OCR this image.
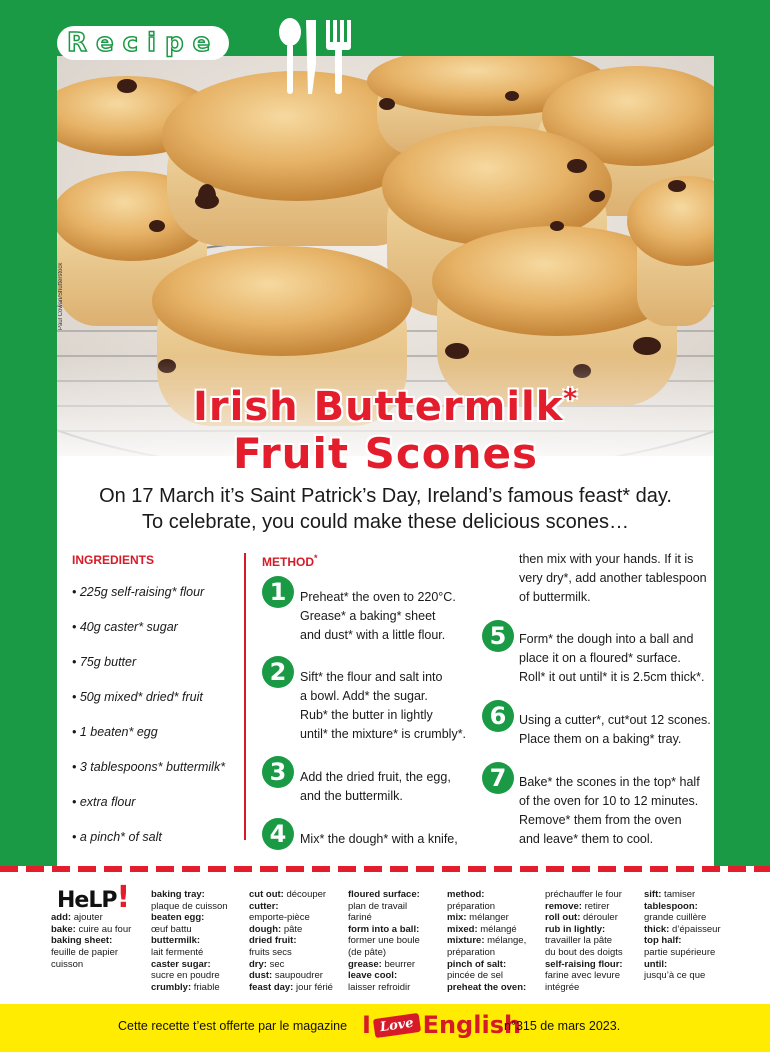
Paul Cowan/Shutterstock
Recipe
Irish Buttermilk*
Fruit Scones
On 17 March it’s Saint Patrick’s Day, Ireland’s famous feast* day.
To celebrate, you could make these delicious scones…
INGREDIENTS
• 225g self-raising* flour
• 40g caster* sugar
• 75g butter
• 50g mixed* dried* fruit
• 1 beaten* egg
• 3 tablespoons* buttermilk*
• extra flour
• a pinch* of salt
METHOD*
1	Preheat* the oven to 220°C.
Grease* a baking* sheet
and dust* with a little flour.
2	Sift* the flour and salt into
a bowl. Add* the sugar.
Rub* the butter in lightly
until* the mixture* is crumbly*.
3	Add the dried fruit, the egg,
and the buttermilk.
4	Mix* the dough* with a knife,
then mix with your hands. If it is
very dry*, add another tablespoon
of buttermilk.
5	Form* the dough into a ball and
place it on a floured* surface.
Roll* it out until* it is 2.5cm thick*.
6	Using a cutter*, cut*out 12 scones.
Place them on a baking* tray.
7	Bake* the scones in the top* half
of the oven for 10 to 12 minutes.
Remove* them from the oven
and leave* them to cool.
HeLP!
add: ajouter
bake: cuire au four
baking sheet:
feuille de papier
cuisson
baking tray:
plaque de cuisson
beaten egg:
œuf battu
buttermilk:
lait fermenté
caster sugar:
sucre en poudre
crumbly: friable
cut out: découper
cutter:
emporte-pièce
dough: pâte
dried fruit:
fruits secs
dry: sec
dust: saupoudrer
feast day: jour férié
floured surface:
plan de travail
fariné
form into a ball:
former une boule
(de pâte)
grease: beurrer
leave cool:
laisser refroidir
method:
préparation
mix: mélanger
mixed: mélangé
mixture: mélange,
préparation
pinch of salt:
pincée de sel
preheat the oven:
préchauffer le four
remove: retirer
roll out: dérouler
rub in lightly:
travailler la pâte
du bout des doigts
self-raising flour:
farine avec levure
intégrée
sift: tamiser
tablespoon:
grande cuillère
thick: d’épaisseur
top half:
partie supérieure
until:
jusqu’à ce que
Cette recette t’est offerte par le magazine I Love English
n°315 de mars 2023.
